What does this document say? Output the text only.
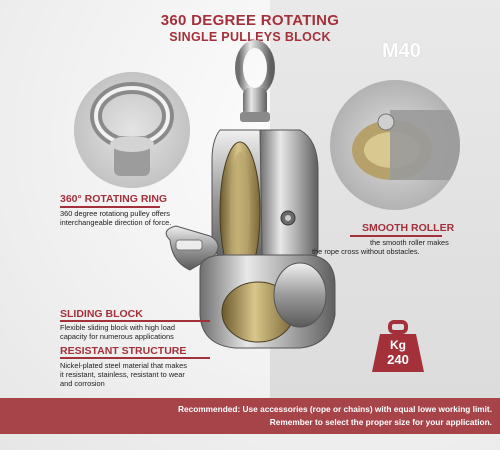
360 DEGREE ROTATING
SINGLE PULLEYS BLOCK
M40
360° ROTATING RING
360 degree rotationg pulley offers
interchangeable direction of force.	SMOOTH ROLLER
the smooth roller makes
the rope cross without obstacles.
SLIDING BLOCK
Flexible sliding block with high load
capacity for numerous applications
RESISTANT STRUCTURE
Nickel-plated steel material that makes
it resistant, stainless, resistant to wear
and corrosion
Kg
240
Recommended: Use accessories (rope or chains) with equal lowe working limit.
Remember to select the proper size for your application.
